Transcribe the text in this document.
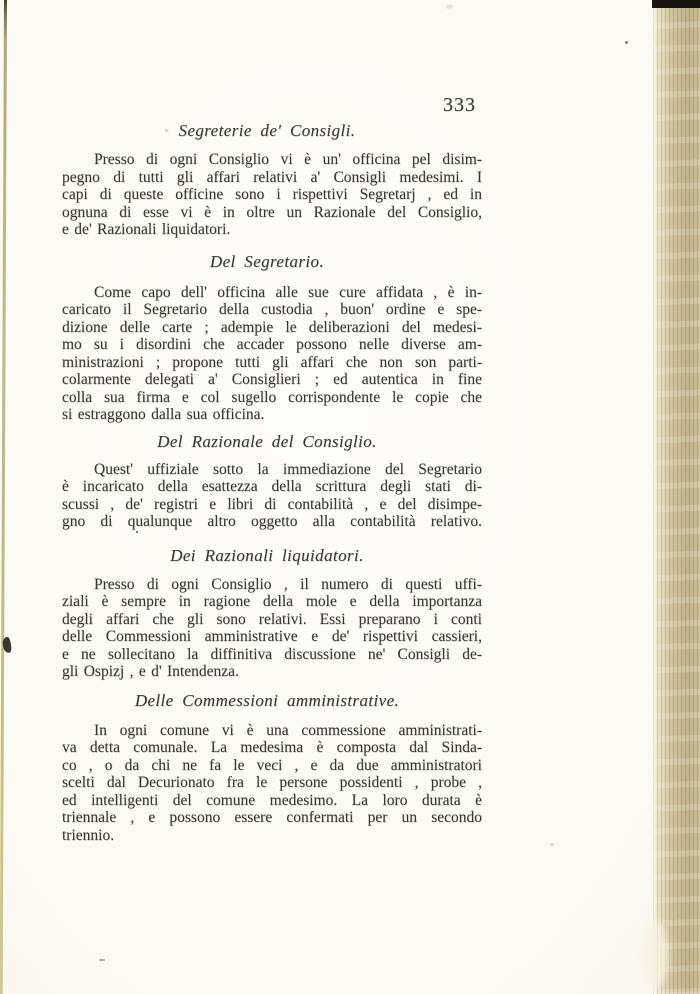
333
Segreterie de' Consigli.
Presso di ogni Consiglio vi è un' officina pel disim-
pegno di tutti gli affari relativi a' Consigli medesimi. I
capi di queste officine sono i rispettivi Segretarj , ed in
ognuna di esse vi è in oltre un Razionale del Consiglio,
e de' Razionali liquidatori.
Del Segretario.
Come capo dell' officina alle sue cure affidata , è in-
caricato il Segretario della custodia , buon' ordine e spe-
dizione delle carte ; adempie le deliberazioni del medesi-
mo su i disordini che accader possono nelle diverse am-
ministrazioni ; propone tutti gli affari che non son parti-
colarmente delegati a' Consiglieri ; ed autentica in fine
colla sua firma e col sugello corrispondente le copie che
si estraggono dalla sua officina.
Del Razionale del Consiglio.
Quest' uffiziale sotto la immediazione del Segretario
è incaricato della esattezza della scrittura degli stati di-
scussi , de' registri e libri di contabilità , e del disimpe-
gno di qualunque altro oggetto alla contabilità relativo.
Dei Razionali liquidatori.
Presso di ogni Consiglio , il numero di questi uffi-
ziali è sempre in ragione della mole e della importanza
degli affari che gli sono relativi. Essi preparano i conti
delle Commessioni amministrative e de' rispettivi cassieri,
e ne sollecitano la diffinitiva discussione ne' Consigli de-
gli Ospizj , e d' Intendenza.
Delle Commessioni amministrative.
In ogni comune vi è una commessione amministrati-
va detta comunale. La medesima è composta dal Sinda-
co , o da chi ne fa le veci , e da due amministratori
scelti dal Decurionato fra le persone possidenti , probe ,
ed intelligenti del comune medesimo. La loro durata è
triennale , e possono essere confermati per un secondo
triennio.
